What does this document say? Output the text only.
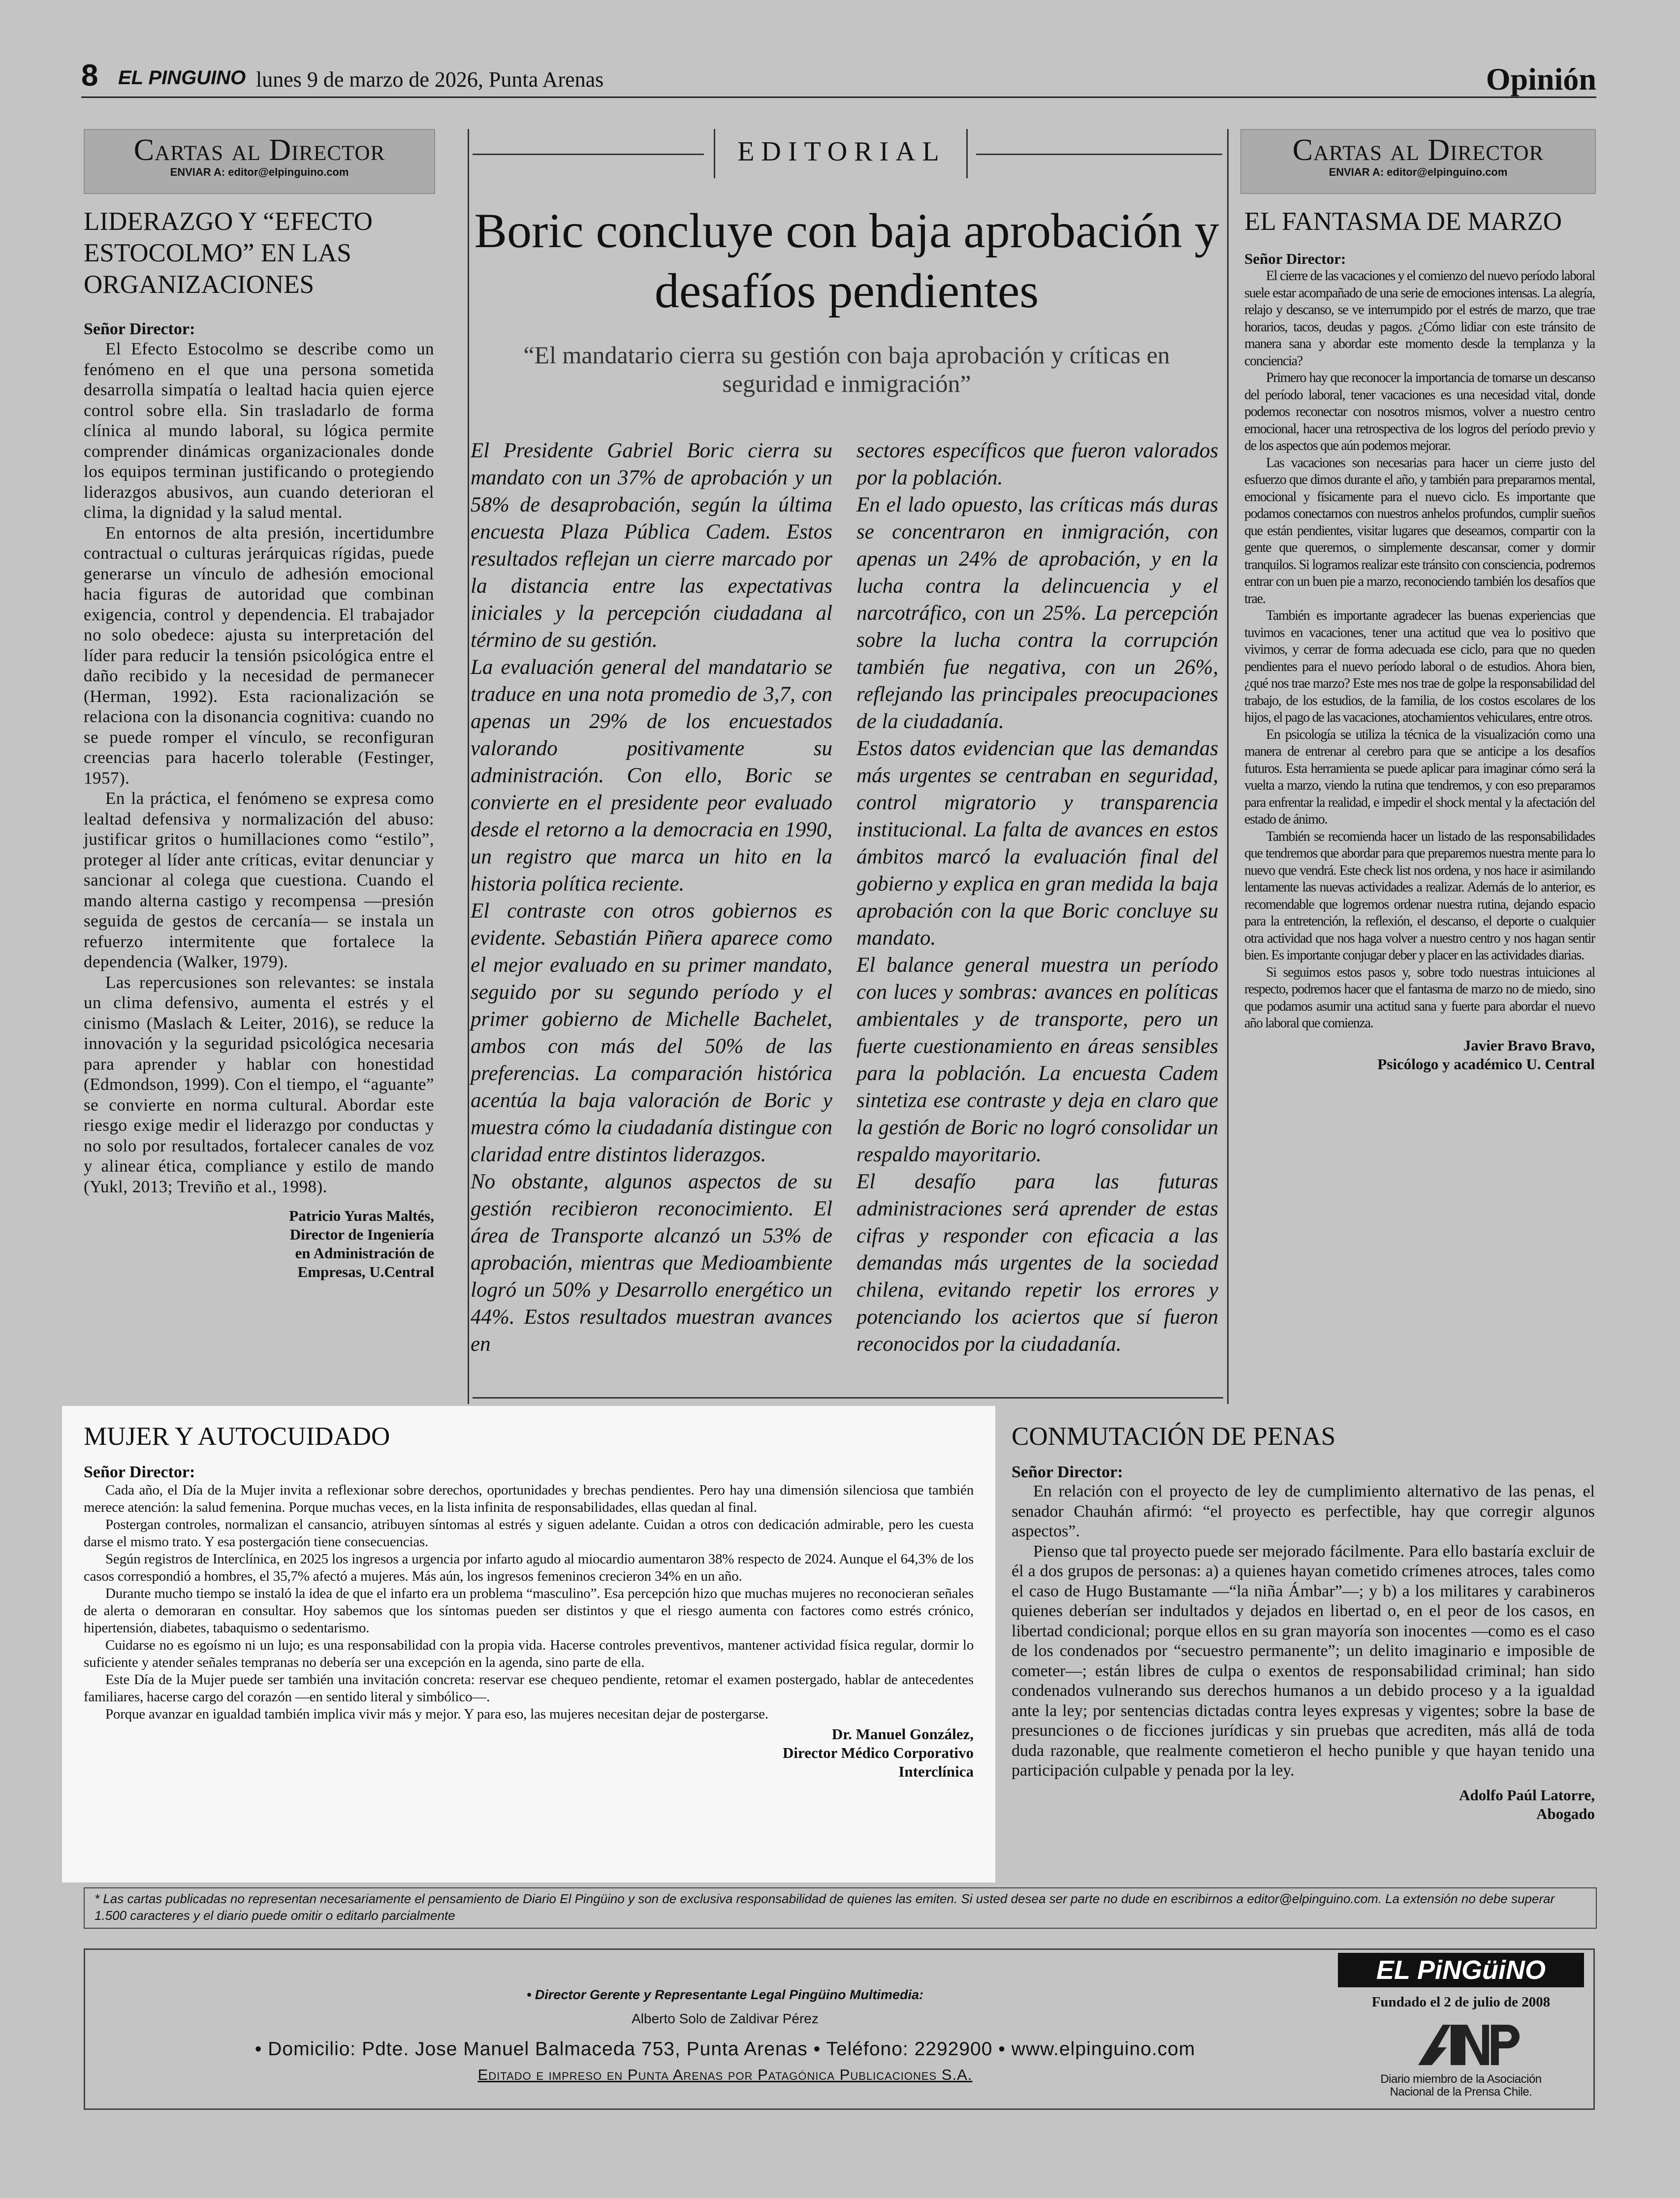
8 EL PINGUINO lunes 9 de marzo de 2026, Punta Arenas	Opinión
Cartas al Director
ENVIAR A: editor@elpinguino.com
LIDERAZGO Y “EFECTO ESTOCOLMO” EN LAS ORGANIZACIONES
Señor Director:

El Efecto Estocolmo se describe como un fenómeno en el que una persona sometida desarrolla simpatía o lealtad hacia quien ejerce control sobre ella. Sin trasladarlo de forma clínica al mundo laboral, su lógica permite comprender dinámicas organizacionales donde los equipos terminan justificando o protegiendo liderazgos abusivos, aun cuando deterioran el clima, la dignidad y la salud mental.

En entornos de alta presión, incertidumbre contractual o culturas jerárquicas rígidas, puede generarse un vínculo de adhesión emocional hacia figuras de autoridad que combinan exigencia, control y dependencia. El trabajador no solo obedece: ajusta su interpretación del líder para reducir la tensión psicológica entre el daño recibido y la necesidad de permanecer (Herman, 1992). Esta racionalización se relaciona con la disonancia cognitiva: cuando no se puede romper el vínculo, se reconfiguran creencias para hacerlo tolerable (Festinger, 1957).

En la práctica, el fenómeno se expresa como lealtad defensiva y normalización del abuso: justificar gritos o humillaciones como “estilo”, proteger al líder ante críticas, evitar denunciar y sancionar al colega que cuestiona. Cuando el mando alterna castigo y recompensa —presión seguida de gestos de cercanía— se instala un refuerzo intermitente que fortalece la dependencia (Walker, 1979).

Las repercusiones son relevantes: se instala un clima defensivo, aumenta el estrés y el cinismo (Maslach & Leiter, 2016), se reduce la innovación y la seguridad psicológica necesaria para aprender y hablar con honestidad (Edmondson, 1999). Con el tiempo, el “aguante” se convierte en norma cultural. Abordar este riesgo exige medir el liderazgo por conductas y no solo por resultados, fortalecer canales de voz y alinear ética, compliance y estilo de mando (Yukl, 2013; Treviño et al., 1998).

Patricio Yuras Maltés,
Director de Ingeniería
en Administración de
Empresas, U.Central
EDITORIAL
Boric concluye con baja aprobación y desafíos pendientes
“El mandatario cierra su gestión con baja aprobación y críticas en seguridad e inmigración”

El Presidente Gabriel Boric cierra su mandato con un 37% de aprobación y un 58% de desaprobación, según la última encuesta Plaza Pública Cadem. Estos resultados reflejan un cierre marcado por la distancia entre las expectativas iniciales y la percepción ciudadana al término de su gestión.

La evaluación general del mandatario se traduce en una nota promedio de 3,7, con apenas un 29% de los encuestados valorando positivamente su administración. Con ello, Boric se convierte en el presidente peor evaluado desde el retorno a la democracia en 1990, un registro que marca un hito en la historia política reciente.

El contraste con otros gobiernos es evidente. Sebastián Piñera aparece como el mejor evaluado en su primer mandato, seguido por su segundo período y el primer gobierno de Michelle Bachelet, ambos con más del 50% de las preferencias. La comparación histórica acentúa la baja valoración de Boric y muestra cómo la ciudadanía distingue con claridad entre distintos liderazgos.

No obstante, algunos aspectos de su gestión recibieron reconocimiento. El área de Transporte alcanzó un 53% de aprobación, mientras que Medioambiente logró un 50% y Desarrollo energético un 44%. Estos resultados muestran avances en

sectores específicos que fueron valorados por la población.

En el lado opuesto, las críticas más duras se concentraron en inmigración, con apenas un 24% de aprobación, y en la lucha contra la delincuencia y el narcotráfico, con un 25%. La percepción sobre la lucha contra la corrupción también fue negativa, con un 26%, reflejando las principales preocupaciones de la ciudadanía.

Estos datos evidencian que las demandas más urgentes se centraban en seguridad, control migratorio y transparencia institucional. La falta de avances en estos ámbitos marcó la evaluación final del gobierno y explica en gran medida la baja aprobación con la que Boric concluye su mandato.

El balance general muestra un período con luces y sombras: avances en políticas ambientales y de transporte, pero un fuerte cuestionamiento en áreas sensibles para la población. La encuesta Cadem sintetiza ese contraste y deja en claro que la gestión de Boric no logró consolidar un respaldo mayoritario.

El desafío para las futuras administraciones será aprender de estas cifras y responder con eficacia a las demandas más urgentes de la sociedad chilena, evitando repetir los errores y potenciando los aciertos que sí fueron reconocidos por la ciudadanía.

Cartas al Director
ENVIAR A: editor@elpinguino.com
EL FANTASMA DE MARZO
Señor Director:

El cierre de las vacaciones y el comienzo del nuevo período laboral suele estar acompañado de una serie de emociones intensas. La alegría, relajo y descanso, se ve interrumpido por el estrés de marzo, que trae horarios, tacos, deudas y pagos. ¿Cómo lidiar con este tránsito de manera sana y abordar este momento desde la templanza y la conciencia?

Primero hay que reconocer la importancia de tomarse un descanso del período laboral, tener vacaciones es una necesidad vital, donde podemos reconectar con nosotros mismos, volver a nuestro centro emocional, hacer una retrospectiva de los logros del período previo y de los aspectos que aún podemos mejorar.

Las vacaciones son necesarias para hacer un cierre justo del esfuerzo que dimos durante el año, y también para prepararnos mental, emocional y físicamente para el nuevo ciclo. Es importante que podamos conectarnos con nuestros anhelos profundos, cumplir sueños que están pendientes, visitar lugares que deseamos, compartir con la gente que queremos, o simplemente descansar, comer y dormir tranquilos. Si logramos realizar este tránsito con consciencia, podremos entrar con un buen pie a marzo, reconociendo también los desafíos que trae.

También es importante agradecer las buenas experiencias que tuvimos en vacaciones, tener una actitud que vea lo positivo que vivimos, y cerrar de forma adecuada ese ciclo, para que no queden pendientes para el nuevo período laboral o de estudios. Ahora bien, ¿qué nos trae marzo? Este mes nos trae de golpe la responsabilidad del trabajo, de los estudios, de la familia, de los costos escolares de los hijos, el pago de las vacaciones, atochamientos vehiculares, entre otros.

En psicología se utiliza la técnica de la visualización como una manera de entrenar al cerebro para que se anticipe a los desafíos futuros. Esta herramienta se puede aplicar para imaginar cómo será la vuelta a marzo, viendo la rutina que tendremos, y con eso preparamos para enfrentar la realidad, e impedir el shock mental y la afectación del estado de ánimo.

También se recomienda hacer un listado de las responsabilidades que tendremos que abordar para que preparemos nuestra mente para lo nuevo que vendrá. Este check list nos ordena, y nos hace ir asimilando lentamente las nuevas actividades a realizar. Además de lo anterior, es recomendable que logremos ordenar nuestra rutina, dejando espacio para la entretención, la reflexión, el descanso, el deporte o cualquier otra actividad que nos haga volver a nuestro centro y nos hagan sentir bien. Es importante conjugar deber y placer en las actividades diarias.

Si seguimos estos pasos y, sobre todo nuestras intuiciones al respecto, podremos hacer que el fantasma de marzo no de miedo, sino que podamos asumir una actitud sana y fuerte para abordar el nuevo año laboral que comienza.

Javier Bravo Bravo,
Psicólogo y académico U. Central
MUJER Y AUTOCUIDADO
Señor Director:

Cada año, el Día de la Mujer invita a reflexionar sobre derechos, oportunidades y brechas pendientes. Pero hay una dimensión silenciosa que también merece atención: la salud femenina. Porque muchas veces, en la lista infinita de responsabilidades, ellas quedan al final.

Postergan controles, normalizan el cansancio, atribuyen síntomas al estrés y siguen adelante. Cuidan a otros con dedicación admirable, pero les cuesta darse el mismo trato. Y esa postergación tiene consecuencias.

Según registros de Interclínica, en 2025 los ingresos a urgencia por infarto agudo al miocardio aumentaron 38% respecto de 2024. Aunque el 64,3% de los casos correspondió a hombres, el 35,7% afectó a mujeres. Más aún, los ingresos femeninos crecieron 34% en un año.

Durante mucho tiempo se instaló la idea de que el infarto era un problema “masculino”. Esa percepción hizo que muchas mujeres no reconocieran señales de alerta o demoraran en consultar. Hoy sabemos que los síntomas pueden ser distintos y que el riesgo aumenta con factores como estrés crónico, hipertensión, diabetes, tabaquismo o sedentarismo.

Cuidarse no es egoísmo ni un lujo; es una responsabilidad con la propia vida. Hacerse controles preventivos, mantener actividad física regular, dormir lo suficiente y atender señales tempranas no debería ser una excepción en la agenda, sino parte de ella.

Este Día de la Mujer puede ser también una invitación concreta: reservar ese chequeo pendiente, retomar el examen postergado, hablar de antecedentes familiares, hacerse cargo del corazón —en sentido literal y simbólico—.

Porque avanzar en igualdad también implica vivir más y mejor. Y para eso, las mujeres necesitan dejar de postergarse.

Dr. Manuel González,
Director Médico Corporativo
Interclínica
CONMUTACIÓN DE PENAS
Señor Director:

En relación con el proyecto de ley de cumplimiento alternativo de las penas, el senador Chauhán afirmó: “el proyecto es perfectible, hay que corregir algunos aspectos”.

Pienso que tal proyecto puede ser mejorado fácilmente. Para ello bastaría excluir de él a dos grupos de personas: a) a quienes hayan cometido crímenes atroces, tales como el caso de Hugo Bustamante —“la niña Ámbar”—; y b) a los militares y carabineros quienes deberían ser indultados y dejados en libertad o, en el peor de los casos, en libertad condicional; porque ellos en su gran mayoría son inocentes —como es el caso de los condenados por “secuestro permanente”; un delito imaginario e imposible de cometer—; están libres de culpa o exentos de responsabilidad criminal; han sido condenados vulnerando sus derechos humanos a un debido proceso y a la igualdad ante la ley; por sentencias dictadas contra leyes expresas y vigentes; sobre la base de presunciones o de ficciones jurídicas y sin pruebas que acrediten, más allá de toda duda razonable, que realmente cometieron el hecho punible y que hayan tenido una participación culpable y penada por la ley.

Adolfo Paúl Latorre,
Abogado
* Las cartas publicadas no representan necesariamente el pensamiento de Diario El Pingüino y son de exclusiva responsabilidad de quienes las emiten. Si usted desea ser parte no dude en escribirnos a editor@elpinguino.com. La extensión no debe superar 1.500 caracteres y el diario puede omitir o editarlo parcialmente
• Director Gerente y Representante Legal Pingüino Multimedia:
Alberto Solo de Zaldivar Pérez
• Domicilio: Pdte. Jose Manuel Balmaceda 753, Punta Arenas • Teléfono: 2292900 • www.elpinguino.com
Editado e impreso en Punta Arenas por Patagónica Publicaciones S.A.
EL PiNGüiNO
Fundado el 2 de julio de 2008
Diario miembro de la Asociación Nacional de la Prensa Chile.
